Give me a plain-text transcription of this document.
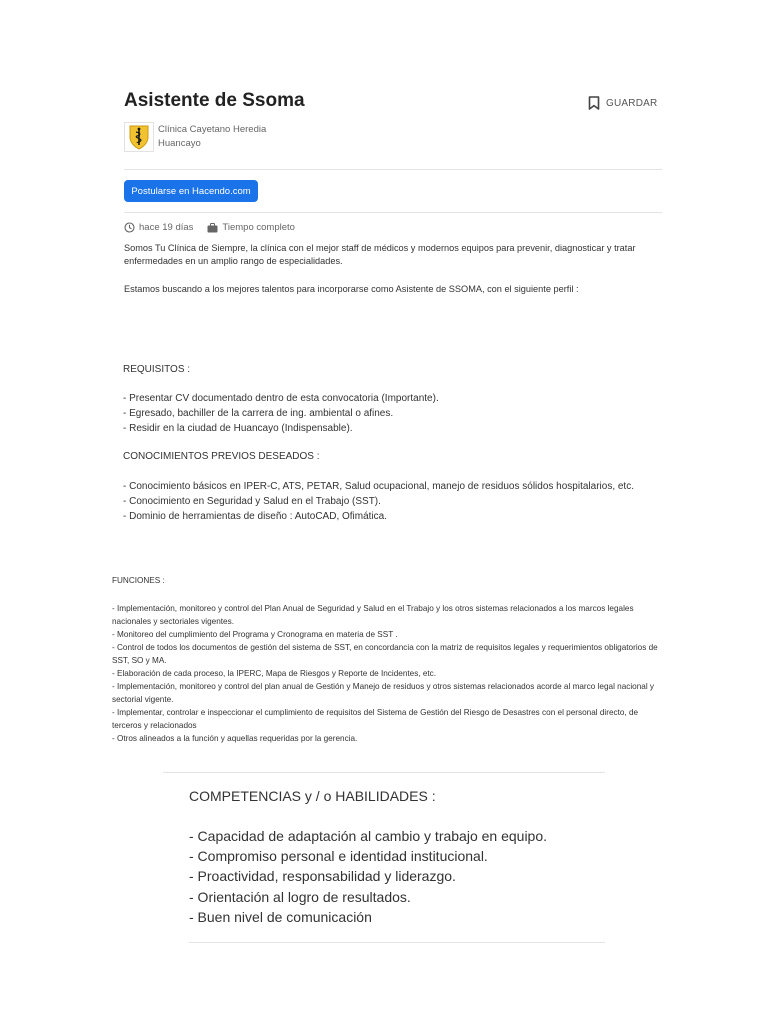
Asistente de Ssoma	GUARDAR
Clínica Cayetano Heredia
Huancayo
Postularse en Hacendo.com
hace 19 días	Tiempo completo

Somos Tu Clínica de Siempre, la clínica con el mejor staff de médicos y modernos equipos para prevenir, diagnosticar y tratar enfermedades en un amplio rango de especialidades.

Estamos buscando a los mejores talentos para incorporarse como Asistente de SSOMA, con el siguiente perfil :

REQUISITOS :

- Presentar CV documentado dentro de esta convocatoria (Importante).
- Egresado, bachiller de la carrera de ing. ambiental o afines.
- Residir en la ciudad de Huancayo (Indispensable).

CONOCIMIENTOS PREVIOS DESEADOS :

- Conocimiento básicos en IPER-C, ATS, PETAR, Salud ocupacional, manejo de residuos sólidos hospitalarios, etc.
- Conocimiento en Seguridad y Salud en el Trabajo (SST).
- Dominio de herramientas de diseño : AutoCAD, Ofimática.

FUNCIONES :

- Implementación, monitoreo y control del Plan Anual de Seguridad y Salud en el Trabajo y los otros sistemas relacionados a los marcos legales nacionales y sectoriales vigentes.
- Monitoreo del cumplimiento del Programa y Cronograma en materia de SST .
- Control de todos los documentos de gestión del sistema de SST, en concordancia con la matriz de requisitos legales y requerimientos obligatorios de SST, SO y MA.
- Elaboración de cada proceso, la IPERC, Mapa de Riesgos y Reporte de Incidentes, etc.
- Implementación, monitoreo y control del plan anual de Gestión y Manejo de residuos y otros sistemas relacionados acorde al marco legal nacional y sectorial vigente.
- Implementar, controlar e inspeccionar el cumplimiento de requisitos del Sistema de Gestión del Riesgo de Desastres con el personal directo, de terceros y relacionados
- Otros alineados a la función y aquellas requeridas por la gerencia.

COMPETENCIAS y / o HABILIDADES :

- Capacidad de adaptación al cambio y trabajo en equipo.
- Compromiso personal e identidad institucional.
- Proactividad, responsabilidad y liderazgo.
- Orientación al logro de resultados.
- Buen nivel de comunicación
